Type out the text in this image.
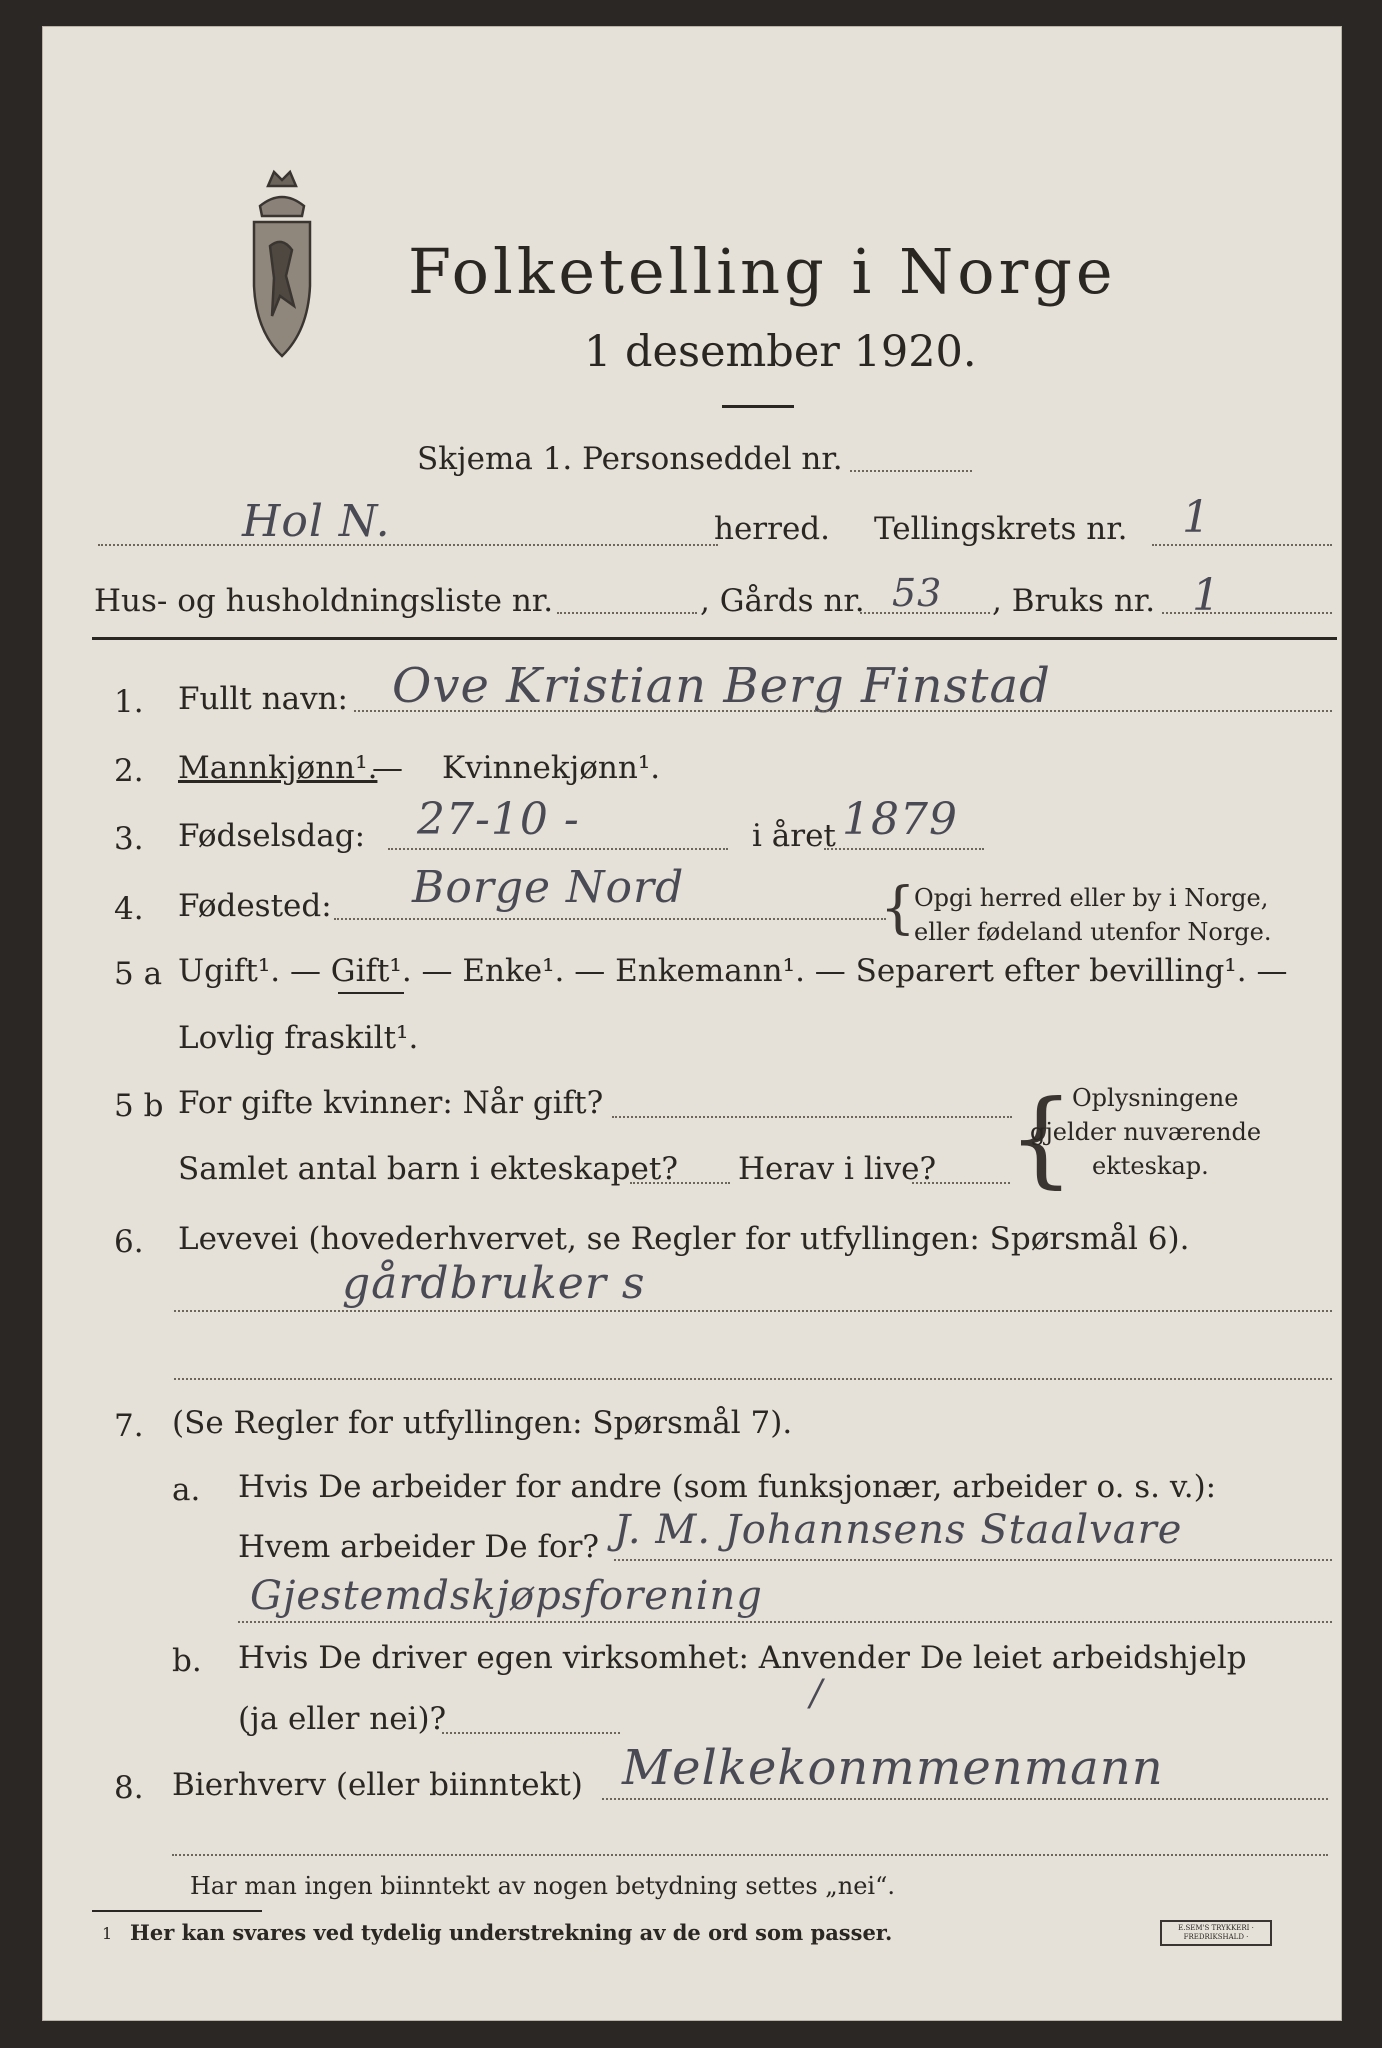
Folketelling i Norge
1 desember 1920.
Skjema 1. Personseddel nr.
Hol N.	herred. Tellingskrets nr. 1
Hus- og husholdningsliste nr.	, Gårds nr. 53 , Bruks nr. 1
1. Fullt navn: Ove Kristian Berg Finstad
2. Mannkjønn¹.
— Kvinnekjønn¹.
3. Fødselsdag: 27-10 -	i året 1879
4. Fødested: Borge Nord	{
Opgi herred eller by i Norge,
eller fødeland utenfor Norge.
5 a Ugift¹. — Gift¹. — Enke¹. — Enkemann¹. — Separert efter bevilling¹. —
Lovlig fraskilt¹.
5 b For gifte kvinner: Når gift?
Samlet antal barn i ekteskapet? Herav i live? {
Oplysningene
gjelder nuværende
ekteskap.
6. Levevei (hovederhvervet, se Regler for utfyllingen: Spørsmål 6).
gårdbruker s
7. (Se Regler for utfyllingen: Spørsmål 7).
a. Hvis De arbeider for andre (som funksjonær, arbeider o. s. v.):
Hvem arbeider De for? J. M. Johannsens Staalvare
Gjestemdskjøpsforening
b. Hvis De driver egen virksomhet: Anvender De leiet arbeidshjelp
(ja eller nei)?
/
8. Bierhverv (eller biinntekt) Melkekonmmenmann
Har man ingen biinntekt av nogen betydning settes „nei“.
1 Her kan svares ved tydelig understrekning av de ord som passer.	E.SEM'S TRYKKERI · FREDRIKSHALD ·
